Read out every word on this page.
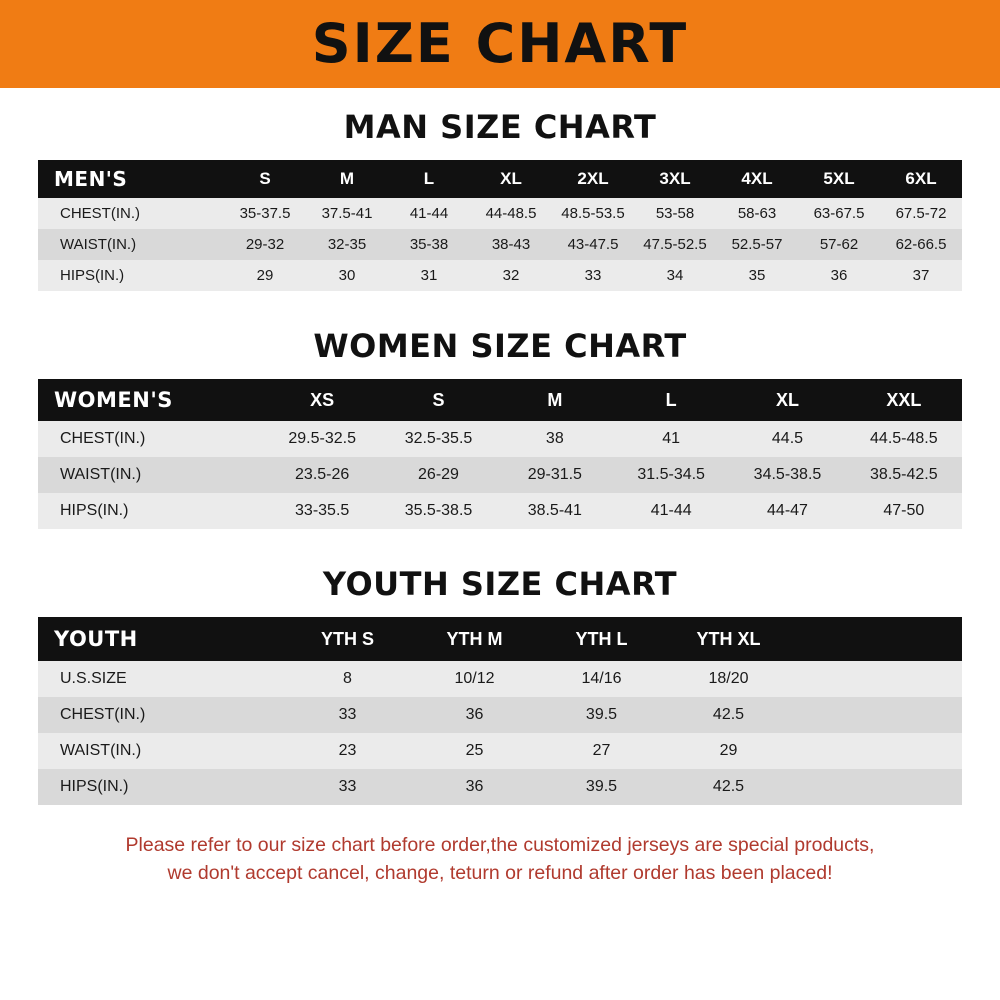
SIZE CHART
MAN SIZE CHART
MEN'S	S	M	L	XL	2XL	3XL	4XL	5XL	6XL
CHEST(IN.)	35-37.5	37.5-41	41-44	44-48.5	48.5-53.5	53-58	58-63	63-67.5	67.5-72
WAIST(IN.)	29-32	32-35	35-38	38-43	43-47.5	47.5-52.5	52.5-57	57-62	62-66.5
HIPS(IN.)	29	30	31	32	33	34	35	36	37
WOMEN SIZE CHART
WOMEN'S	XS	S	M	L	XL	XXL
CHEST(IN.)	29.5-32.5	32.5-35.5	38	41	44.5	44.5-48.5
WAIST(IN.)	23.5-26	26-29	29-31.5	31.5-34.5	34.5-38.5	38.5-42.5
HIPS(IN.)	33-35.5	35.5-38.5	38.5-41	41-44	44-47	47-50
YOUTH SIZE CHART
YOUTH	YTH S	YTH M	YTH L	YTH XL	
U.S.SIZE	8	10/12	14/16	18/20	
CHEST(IN.)	33	36	39.5	42.5	
WAIST(IN.)	23	25	27	29	
HIPS(IN.)	33	36	39.5	42.5	
Please refer to our size chart before order,the customized jerseys are special products,
we don't accept cancel, change, teturn or refund after order has been placed!
